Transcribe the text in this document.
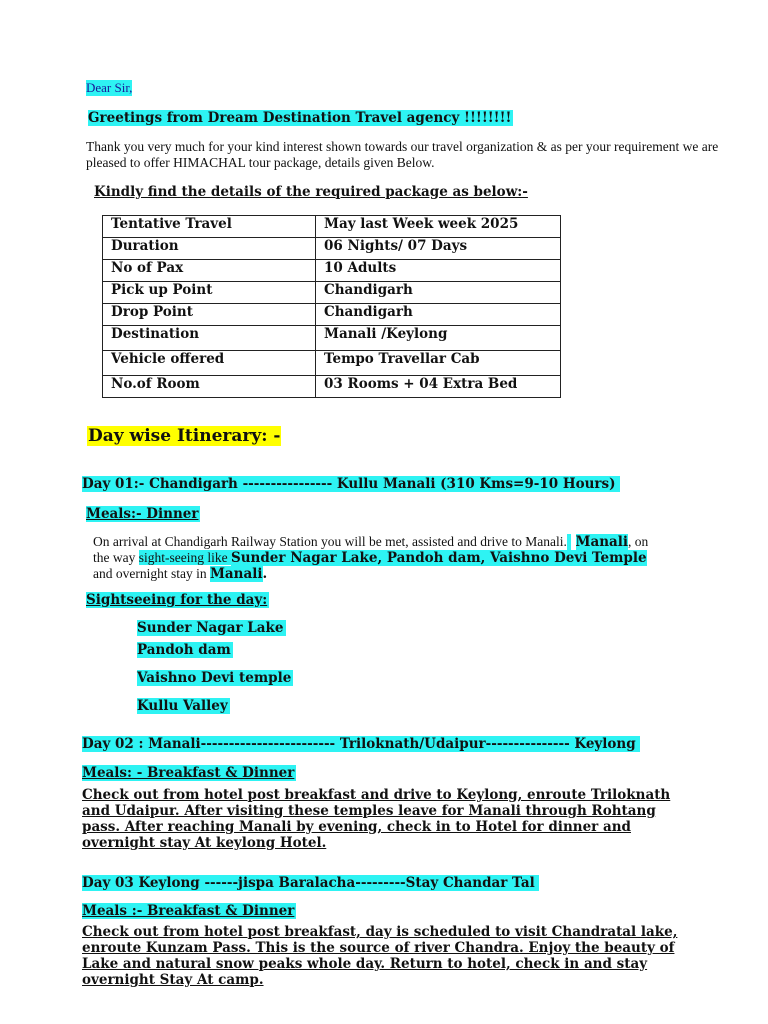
Dear Sir,
Greetings from Dream Destination Travel agency !!!!!!!!
Thank you very much for your kind interest shown towards our travel organization & as per your requirement we are pleased to offer HIMACHAL tour package, details given Below.
Kindly find the details of the required package as below:-
Tentative Travel	May last Week week 2025
Duration	06 Nights/ 07 Days
No of Pax	10 Adults
Pick up Point	Chandigarh
Drop Point	Chandigarh
Destination	Manali /Keylong
Vehicle offered	Tempo Travellar Cab
No.of Room	03 Rooms + 04 Extra Bed
Day wise Itinerary: -
Day 01:- Chandigarh ---------------- Kullu Manali (310 Kms=9-10 Hours)
Meals:- Dinner
On arrival at Chandigarh Railway Station you will be met, assisted and drive to Manali. Manali, on the way sight-seeing like Sunder Nagar Lake, Pandoh dam, Vaishno Devi Temple and overnight stay in Manali.
Sightseeing for the day:
Sunder Nagar Lake
Pandoh dam
Vaishno Devi temple
Kullu Valley
Day 02 : Manali------------------------ Triloknath/Udaipur--------------- Keylong
Meals: - Breakfast & Dinner
Check out from hotel post breakfast and drive to Keylong, enroute Triloknath and Udaipur. After visiting these temples leave for Manali through Rohtang pass. After reaching Manali by evening, check in to Hotel for dinner and overnight stay At keylong Hotel.
Day 03 Keylong ------jispa Baralacha---------Stay Chandar Tal
Meals :- Breakfast & Dinner
Check out from hotel post breakfast, day is scheduled to visit Chandratal lake, enroute Kunzam Pass. This is the source of river Chandra. Enjoy the beauty of Lake and natural snow peaks whole day. Return to hotel, check in and stay overnight Stay At camp.
